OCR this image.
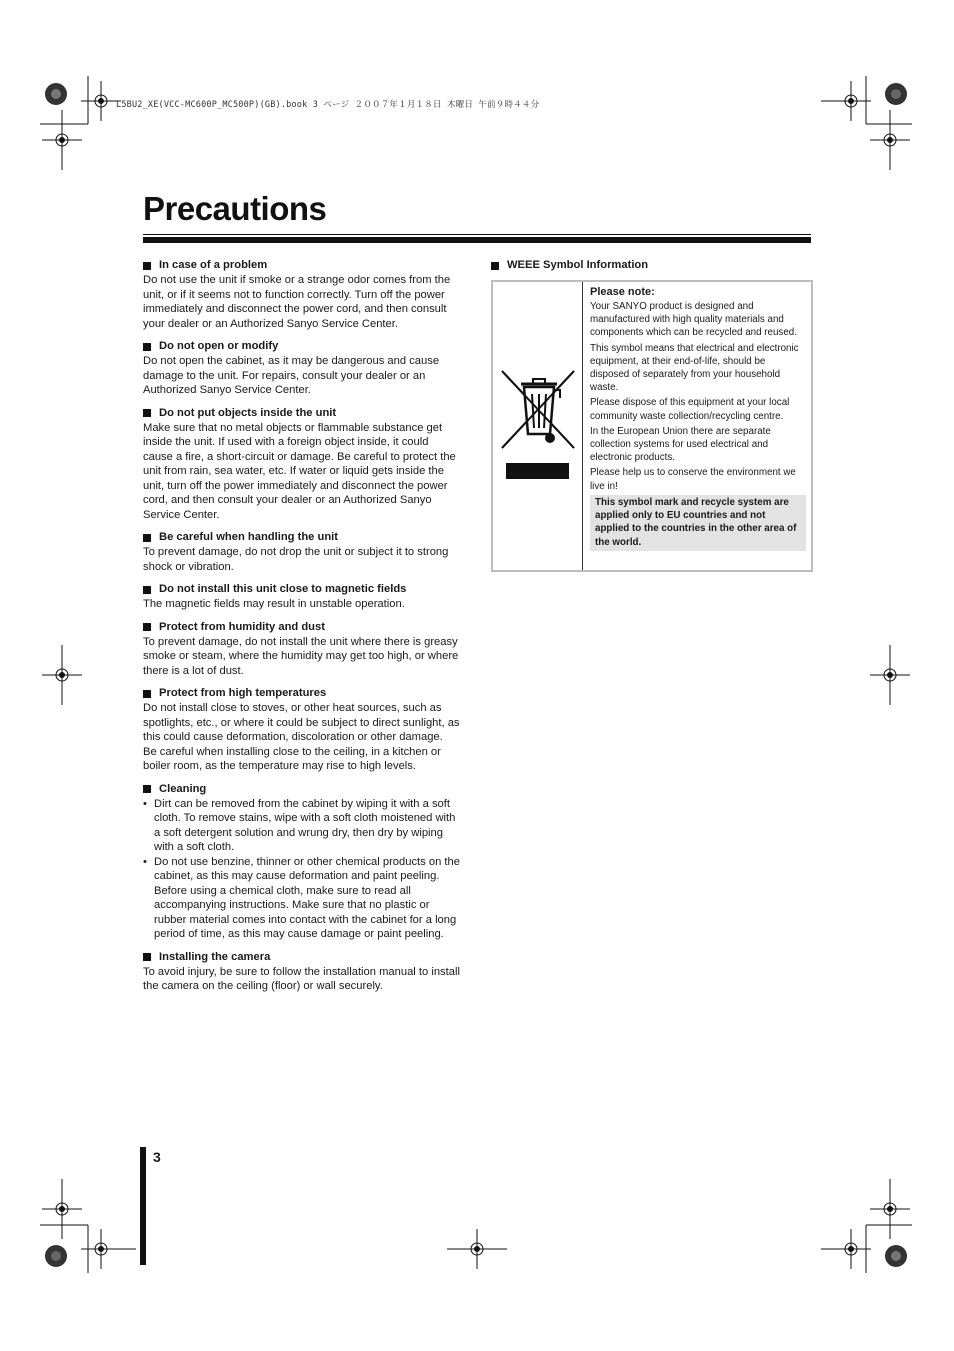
L5BU2_XE(VCC-MC600P_MC500P)(GB).book 3 ページ ２００７年１月１８日 木曜日 午前９時４４分
Precautions
In case of a problem

Do not use the unit if smoke or a strange odor comes from the unit, or if it seems not to function correctly. Turn off the power immediately and disconnect the power cord, and then consult your dealer or an Authorized Sanyo Service Center.

Do not open or modify

Do not open the cabinet, as it may be dangerous and cause damage to the unit. For repairs, consult your dealer or an Authorized Sanyo Service Center.

Do not put objects inside the unit

Make sure that no metal objects or flammable substance get inside the unit. If used with a foreign object inside, it could cause a fire, a short-circuit or damage. Be careful to protect the unit from rain, sea water, etc. If water or liquid gets inside the unit, turn off the power immediately and disconnect the power cord, and then consult your dealer or an Authorized Sanyo Service Center.

Be careful when handling the unit

To prevent damage, do not drop the unit or subject it to strong shock or vibration.

Do not install this unit close to magnetic fields

The magnetic fields may result in unstable operation.

Protect from humidity and dust

To prevent damage, do not install the unit where there is greasy smoke or steam, where the humidity may get too high, or where there is a lot of dust.

Protect from high temperatures

Do not install close to stoves, or other heat sources, such as spotlights, etc., or where it could be subject to direct sunlight, as this could cause deformation, discoloration or other damage.

Be careful when installing close to the ceiling, in a kitchen or boiler room, as the temperature may rise to high levels.

Cleaning
• Dirt can be removed from the cabinet by wiping it with a soft cloth. To remove stains, wipe with a soft cloth moistened with a soft detergent solution and wrung dry, then dry by wiping with a soft cloth.
• Do not use benzine, thinner or other chemical products on the cabinet, as this may cause deformation and paint peeling. Before using a chemical cloth, make sure to read all accompanying instructions. Make sure that no plastic or rubber material comes into contact with the cabinet for a long period of time, as this may cause damage or paint peeling.
Installing the camera

To avoid injury, be sure to follow the installation manual to install the camera on the ceiling (floor) or wall securely.

WEEE Symbol Information
Please note:

Your SANYO product is designed and manufactured with high quality materials and components which can be recycled and reused.

This symbol means that electrical and electronic equipment, at their end-of-life, should be disposed of separately from your household waste.

Please dispose of this equipment at your local community waste collection/recycling centre.

In the European Union there are separate collection systems for used electrical and electronic products.

Please help us to conserve the environment we live in!

This symbol mark and recycle system are applied only to EU countries and not applied to the countries in the other area of the world.
3
